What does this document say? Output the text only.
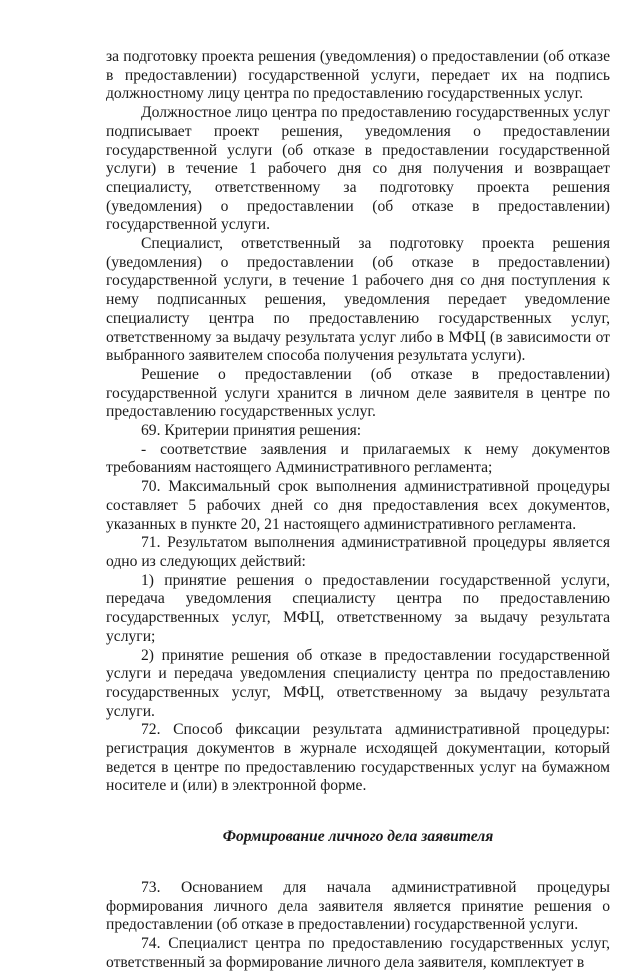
за подготовку проекта решения (уведомления) о предоставлении (об отказе в предоставлении) государственной услуги, передает их на подпись должностному лицу центра по предоставлению государственных услуг.

Должностное лицо центра по предоставлению государственных услуг подписывает проект решения, уведомления о предоставлении государственной услуги (об отказе в предоставлении государственной услуги) в течение 1 рабочего дня со дня получения и возвращает специалисту, ответственному за подготовку проекта решения (уведомления) о предоставлении (об отказе в предоставлении) государственной услуги.

Специалист, ответственный за подготовку проекта решения (уведомления) о предоставлении (об отказе в предоставлении) государственной услуги, в течение 1 рабочего дня со дня поступления к нему подписанных решения, уведомления передает уведомление специалисту центра по предоставлению государственных услуг, ответственному за выдачу результата услуг либо в МФЦ (в зависимости от выбранного заявителем способа получения результата услуги).

Решение о предоставлении (об отказе в предоставлении) государственной услуги хранится в личном деле заявителя в центре по предоставлению государственных услуг.

69. Критерии принятия решения:

- соответствие заявления и прилагаемых к нему документов требованиям настоящего Административного регламента;

70. Максимальный срок выполнения административной процедуры составляет 5 рабочих дней со дня предоставления всех документов, указанных в пункте 20, 21 настоящего административного регламента.

71. Результатом выполнения административной процедуры является одно из следующих действий:

1) принятие решения о предоставлении государственной услуги, передача уведомления специалисту центра по предоставлению государственных услуг, МФЦ, ответственному за выдачу результата услуги;

2) принятие решения об отказе в предоставлении государственной услуги и передача уведомления специалисту центра по предоставлению государственных услуг, МФЦ, ответственному за выдачу результата услуги.

72. Способ фиксации результата административной процедуры: регистрация документов в журнале исходящей документации, который ведется в центре по предоставлению государственных услуг на бумажном носителе и (или) в электронной форме.

Формирование личного дела заявителя

73. Основанием для начала административной процедуры формирования личного дела заявителя является принятие решения о предоставлении (об отказе в предоставлении) государственной услуги.

74. Специалист центра по предоставлению государственных услуг, ответственный за формирование личного дела заявителя, комплектует в
